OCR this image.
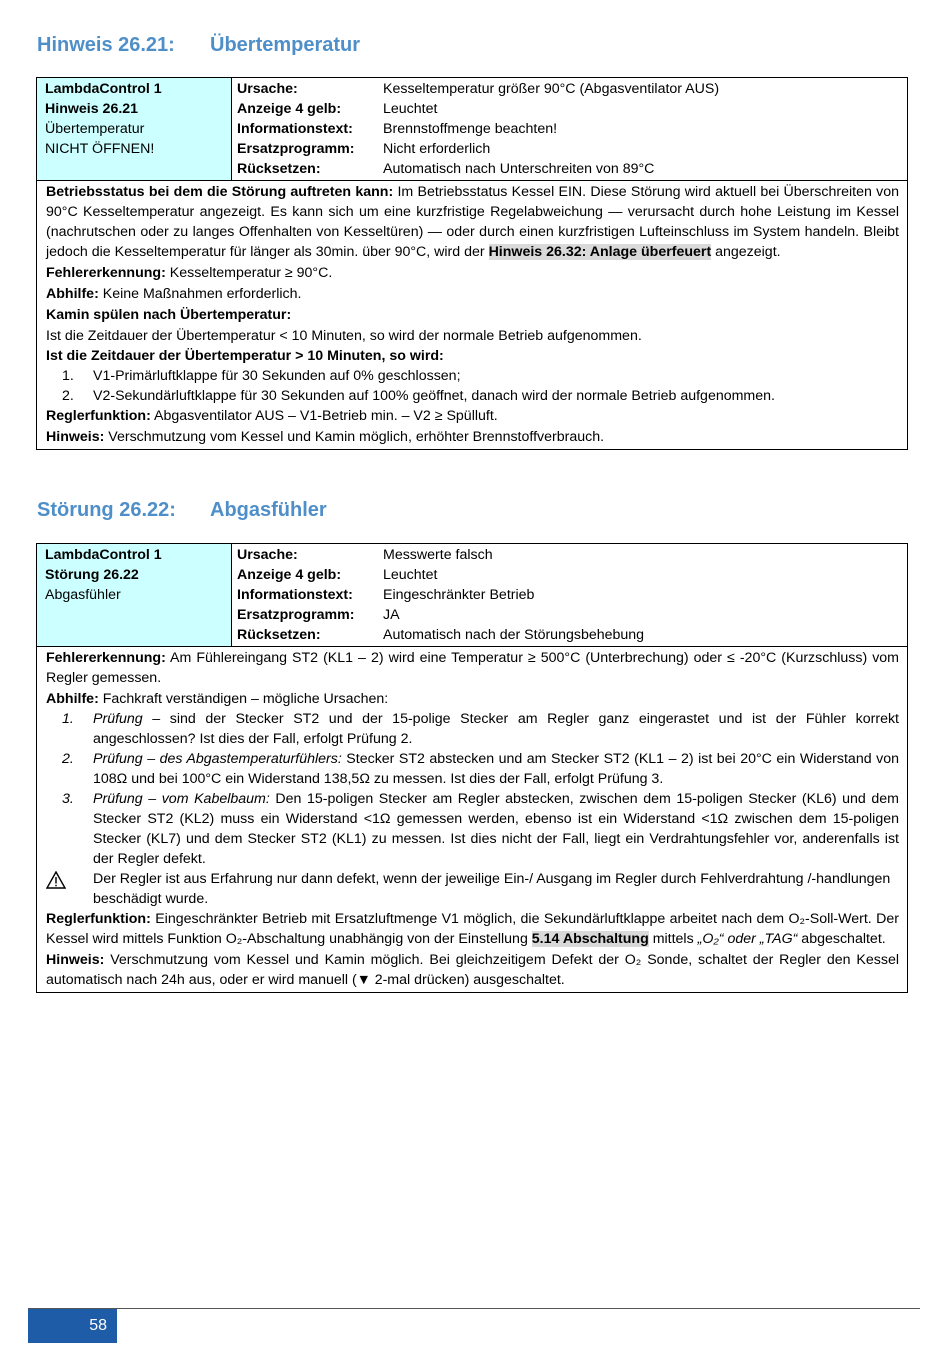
Hinweis 26.21: Übertemperatur
LambdaControl 1
Hinweis 26.21
Übertemperatur
NICHT ÖFFNEN!
Ursache:	Kesseltemperatur größer 90°C (Abgasventilator AUS)
Anzeige 4 gelb:	Leuchtet
Informationstext:	Brennstoffmenge beachten!
Ersatzprogramm:	Nicht erforderlich
Rücksetzen:	Automatisch nach Unterschreiten von 89°C

Betriebsstatus bei dem die Störung auftreten kann: Im Betriebsstatus Kessel EIN. Diese Störung wird aktuell bei Überschreiten von 90°C Kesseltemperatur angezeigt. Es kann sich um eine kurzfristige Regelabweichung — verursacht durch hohe Leistung im Kessel (nachrutschen oder zu langes Offenhalten von Kesseltüren) — oder durch einen kurzfristigen Lufteinschluss im System handeln. Bleibt jedoch die Kesseltemperatur für länger als 30min. über 90°C, wird der Hinweis 26.32: Anlage überfeuert angezeigt.

Fehlererkennung: Kesseltemperatur ≥ 90°C.

Abhilfe: Keine Maßnahmen erforderlich.

Kamin spülen nach Übertemperatur:

Ist die Zeitdauer der Übertemperatur < 10 Minuten, so wird der normale Betrieb aufgenommen.

Ist die Zeitdauer der Übertemperatur > 10 Minuten, so wird:

1.	V1-Primärluftklappe für 30 Sekunden auf 0% geschlossen;
2.	V2-Sekundärluftklappe für 30 Sekunden auf 100% geöffnet, danach wird der normale Betrieb aufgenommen.

Reglerfunktion: Abgasventilator AUS – V1-Betrieb min. – V2 ≥ Spülluft.

Hinweis: Verschmutzung vom Kessel und Kamin möglich, erhöhter Brennstoffverbrauch.

Störung 26.22: Abgasfühler
LambdaControl 1
Störung 26.22
Abgasfühler
Ursache:	Messwerte falsch
Anzeige 4 gelb:	Leuchtet
Informationstext:	Eingeschränkter Betrieb
Ersatzprogramm:	JA
Rücksetzen:	Automatisch nach der Störungsbehebung

Fehlererkennung: Am Fühlereingang ST2 (KL1 – 2) wird eine Temperatur ≥ 500°C (Unterbrechung) oder ≤ -20°C (Kurzschluss) vom Regler gemessen.

Abhilfe: Fachkraft verständigen – mögliche Ursachen:

1.	Prüfung – sind der Stecker ST2 und der 15-polige Stecker am Regler ganz eingerastet und ist der Fühler korrekt angeschlossen? Ist dies der Fall, erfolgt Prüfung 2.
2.	Prüfung – des Abgastemperaturfühlers: Stecker ST2 abstecken und am Stecker ST2 (KL1 – 2) ist bei 20°C ein Widerstand von 108Ω und bei 100°C ein Widerstand 138,5Ω zu messen. Ist dies der Fall, erfolgt Prüfung 3.
3.	Prüfung – vom Kabelbaum: Den 15-poligen Stecker am Regler abstecken, zwischen dem 15-poligen Stecker (KL6) und dem Stecker ST2 (KL2) muss ein Widerstand <1Ω gemessen werden, ebenso ist ein Widerstand <1Ω zwischen dem 15-poligen Stecker (KL7) und dem Stecker ST2 (KL1) zu messen. Ist dies nicht der Fall, liegt ein Verdrahtungsfehler vor, anderenfalls ist der Regler defekt.
Der Regler ist aus Erfahrung nur dann defekt, wenn der jeweilige Ein-/ Ausgang im Regler durch Fehlverdrahtung /-handlungen beschädigt wurde.

Reglerfunktion: Eingeschränkter Betrieb mit Ersatzluftmenge V1 möglich, die Sekundärluftklappe arbeitet nach dem O₂-Soll-Wert. Der Kessel wird mittels Funktion O₂-Abschaltung unabhängig von der Einstellung 5.14 Abschaltung mittels „O₂“ oder „TAG“ abgeschaltet.

Hinweis: Verschmutzung vom Kessel und Kamin möglich. Bei gleichzeitigem Defekt der O₂ Sonde, schaltet der Regler den Kessel automatisch nach 24h aus, oder er wird manuell (▼ 2-mal drücken) ausgeschaltet.

58
